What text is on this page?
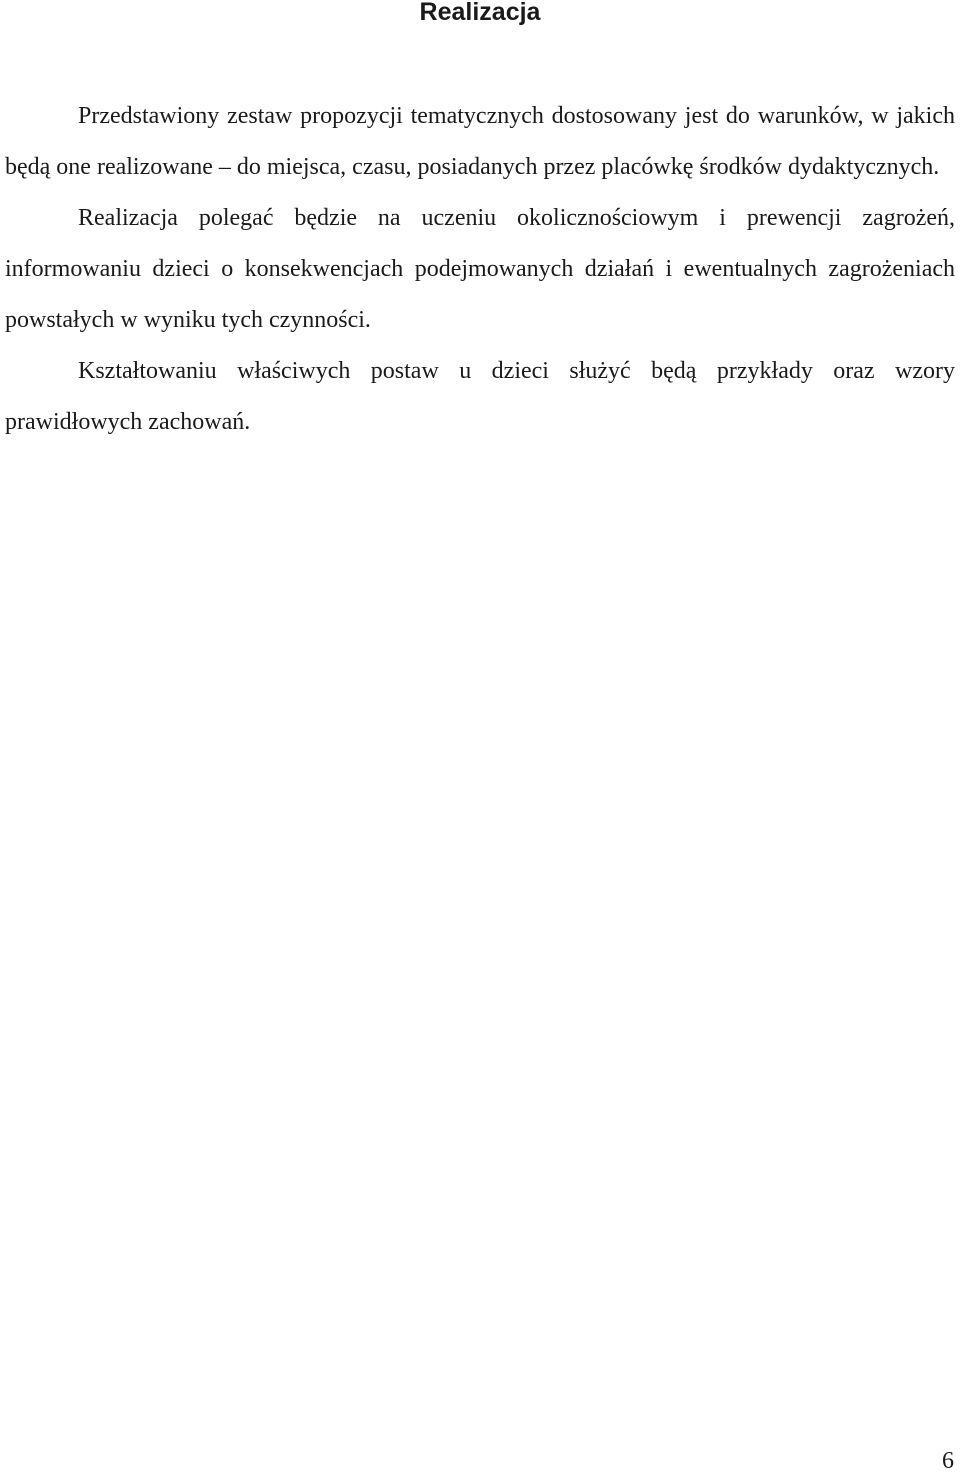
Realizacja

Przedstawiony zestaw propozycji tematycznych dostosowany jest do warunków, w jakich będą one realizowane – do miejsca, czasu, posiadanych przez placówkę środków dydaktycznych.

Realizacja polegać będzie na uczeniu okolicznościowym i prewencji zagrożeń, informowaniu dzieci o konsekwencjach podejmowanych działań i ewentualnych zagrożeniach powstałych w wyniku tych czynności.

Kształtowaniu właściwych postaw u dzieci służyć będą przykłady oraz wzory prawidłowych zachowań.

6
